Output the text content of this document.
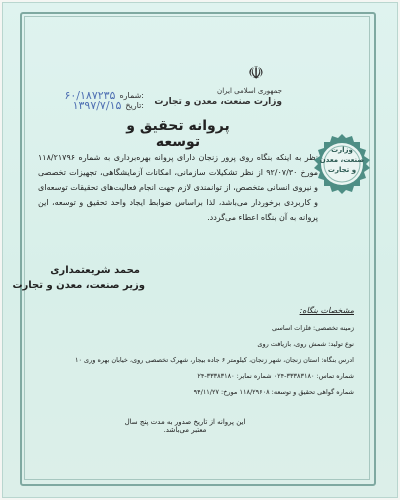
☫
جمهوری اسلامی ایران
وزارت صنعت، معدن و تجارت
۶۰/۱۸۷۲۳۵ شماره:
۱۳۹۷/۷/۱۵ تاریخ:
پروانه تحقیق و توسعه
نظر به اینکه بنگاه روی پرور زنجان دارای پروانه بهره‌برداری به شماره ۱۱۸/۲۱۷۹۶ مورخ ۹۲/۰۷/۳۰ از نظر تشکیلات سازمانی، امکانات آزمایشگاهی، تجهیزات تخصصی و نیروی انسانی متخصص، از توانمندی لازم جهت انجام فعالیت‌های تحقیقات توسعه‌ای و کاربردی برخوردار می‌باشد، لذا براساس ضوابط ایجاد واحد تحقیق و توسعه، این پروانه به آن بنگاه اعطاء می‌گردد.
محمد شریعتمداری
وزیر صنعت، معدن و تجارت
مشخصات بنگاه:
زمینه تخصصی: فلزات اساسی
نوع تولید: شمش روی، بازیافت روی
ادرس بنگاه: استان زنجان، شهر زنجان، کیلومتر ۶ جاده بیجار، شهرک تخصصی روی، خیابان بهره وری ۱۰
شماره تماس: ۳۳۳۸۳۱۸۰-۰۲۴ شماره نمابر: ۳۳۳۸۳۱۸۰-۲۴
شماره گواهی تحقیق و توسعه: ۱۱۸/۲۹۶۰۸ مورخ: ۹۴/۱۱/۲۷
این پروانه از تاریخ صدور به مدت پنج سال معتبر می‌باشد.
وزارت
صنعت، معدن
و تجارت
